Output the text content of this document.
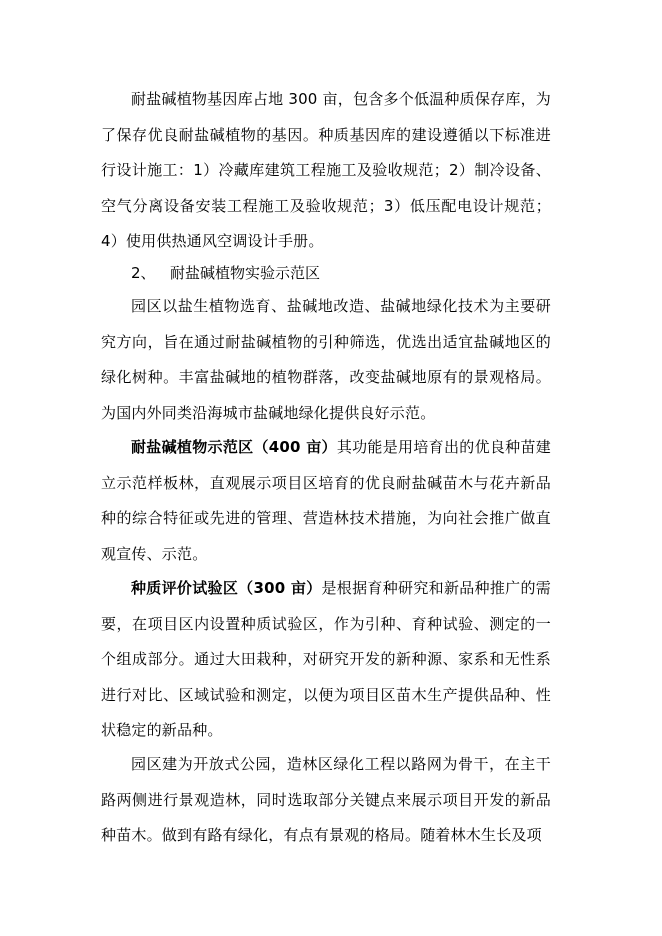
耐盐碱植物基因库占地 300 亩，包含多个低温种质保存库，为了保存优良耐盐碱植物的基因。种质基因库的建设遵循以下标准进行设计施工：1）冷藏库建筑工程施工及验收规范；2）制冷设备、空气分离设备安装工程施工及验收规范；3）低压配电设计规范；4）使用供热通风空调设计手册。

2、 耐盐碱植物实验示范区

园区以盐生植物选育、盐碱地改造、盐碱地绿化技术为主要研究方向，旨在通过耐盐碱植物的引种筛选，优选出适宜盐碱地区的绿化树种。丰富盐碱地的植物群落，改变盐碱地原有的景观格局。为国内外同类沿海城市盐碱地绿化提供良好示范。

耐盐碱植物示范区（400 亩）其功能是用培育出的优良种苗建立示范样板林，直观展示项目区培育的优良耐盐碱苗木与花卉新品种的综合特征或先进的管理、营造林技术措施，为向社会推广做直观宣传、示范。

种质评价试验区（300 亩）是根据育种研究和新品种推广的需要，在项目区内设置种质试验区，作为引种、育种试验、测定的一个组成部分。通过大田栽种，对研究开发的新种源、家系和无性系进行对比、区域试验和测定，以便为项目区苗木生产提供品种、性状稳定的新品种。

园区建为开放式公园，造林区绿化工程以路网为骨干，在主干路两侧进行景观造林，同时选取部分关键点来展示项目开发的新品种苗木。做到有路有绿化，有点有景观的格局。随着林木生长及项
